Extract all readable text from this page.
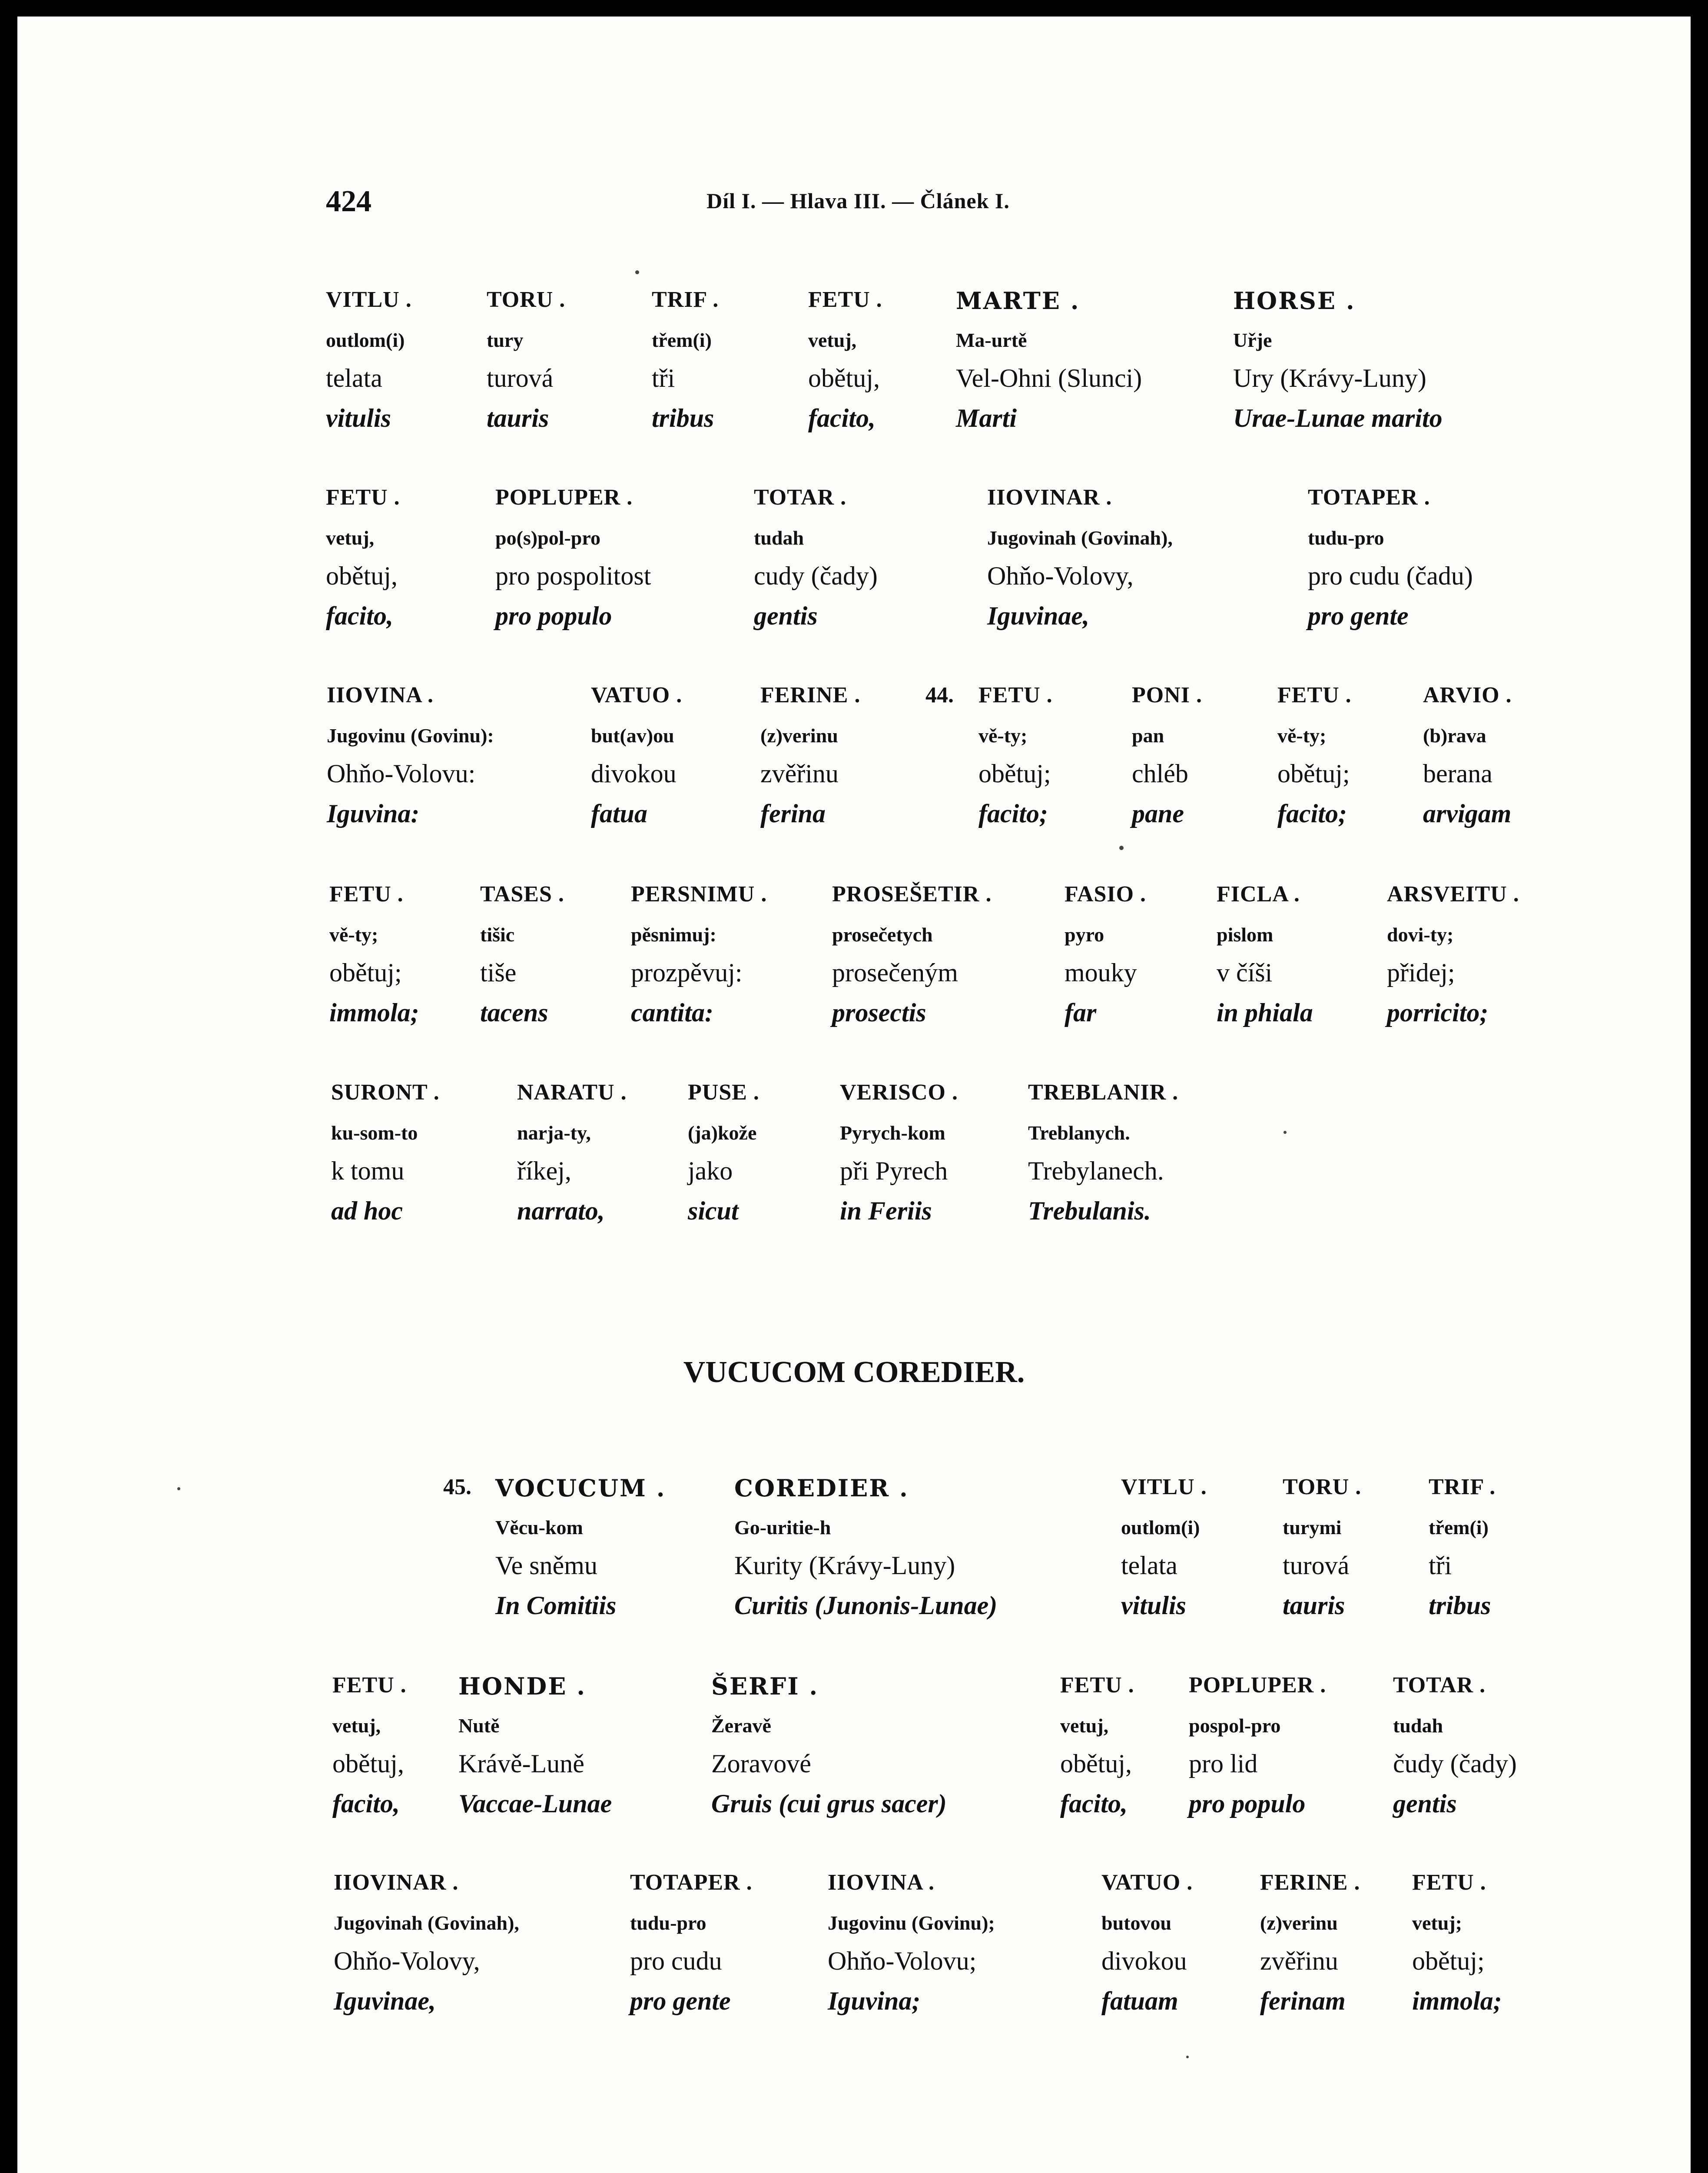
424	Díl I. — Hlava III. — Článek I.
VUCUCOM COREDIER.
VITLU .
outlom(i)
telata
vitulis
TORU .
tury
turová
tauris
TRIF .
třem(i)
tři
tribus
FETU .
vetuj,
obětuj,
facito,
MARTE .
Ma-urtě
Vel-Ohni (Slunci)
Marti
HORSE .
Uřje
Ury (Krávy-Luny)
Urae-Lunae marito
FETU .
vetuj,
obětuj,
facito,
POPLUPER .
po(s)pol-pro
pro pospolitost
pro populo
TOTAR .
tudah
cudy (čady)
gentis
IIOVINAR .
Jugovinah (Govinah),
Ohňo-Volovy,
Iguvinae,
TOTAPER .
tudu-pro
pro cudu (čadu)
pro gente
IIOVINA .
Jugovinu (Govinu):
Ohňo-Volovu:
Iguvina:
VATUO .
but(av)ou
divokou
fatua
FERINE .
(z)verinu
zvěřinu
ferina
44. FETU .
vě-ty;
obětuj;
facito;
PONI .
pan
chléb
pane
FETU .
vě-ty;
obětuj;
facito;
ARVIO .
(b)rava
berana
arvigam
FETU .
vě-ty;
obětuj;
immola;
TASES .
tišic
tiše
tacens
PERSNIMU .
pěsnimuj:
prozpěvuj:
cantita:
PROSEŠETIR .
prosečetych
prosečeným
prosectis
FASIO .
pyro
mouky
far
FICLA .
pislom
v číši
in phiala
ARSVEITU .
dovi-ty;
přidej;
porricito;
SURONT .
ku-som-to
k tomu
ad hoc
NARATU .
narja-ty,
říkej,
narrato,
PUSE .
(ja)kože
jako
sicut
VERISCO .
Pyrych-kom
při Pyrech
in Feriis
TREBLANIR .
Treblanych.
Trebylanech.
Trebulanis.
45. VOCUCUM .
Věcu-kom
Ve sněmu
In Comitiis
COREDIER .
Go-uritie-h
Kurity (Krávy-Luny)
Curitis (Junonis-Lunae)
VITLU .
outlom(i)
telata
vitulis
TORU .
turymi
turová
tauris
TRIF .
třem(i)
tři
tribus
FETU .
vetuj,
obětuj,
facito,
HONDE .
Nutě
Krávě-Luně
Vaccae-Lunae
ŠERFI .
Žeravě
Zoravové
Gruis (cui grus sacer)
FETU .
vetuj,
obětuj,
facito,
POPLUPER .
pospol-pro
pro lid
pro populo
TOTAR .
tudah
čudy (čady)
gentis
IIOVINAR .
Jugovinah (Govinah),
Ohňo-Volovy,
Iguvinae,
TOTAPER .
tudu-pro
pro cudu
pro gente
IIOVINA .
Jugovinu (Govinu);
Ohňo-Volovu;
Iguvina;
VATUO .
butovou
divokou
fatuam
FERINE .
(z)verinu
zvěřinu
ferinam
FETU .
vetuj;
obětuj;
immola;
